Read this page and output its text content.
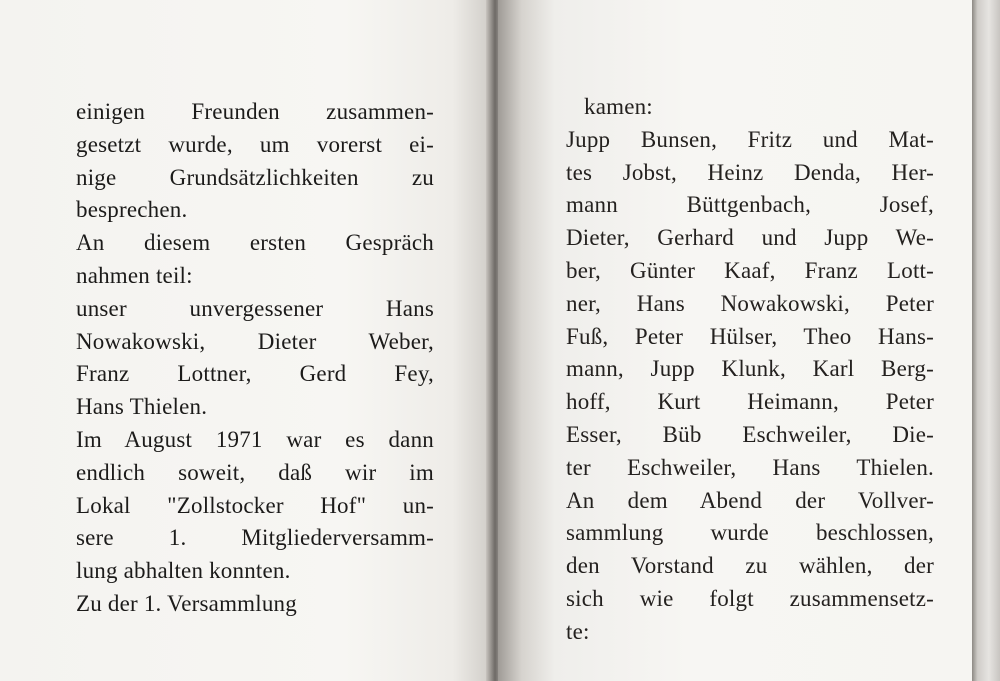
einigen Freunden zusammen-
gesetzt wurde, um vorerst ei-
nige Grundsätzlichkeiten zu
besprechen.
An diesem ersten Gespräch
nahmen teil:
unser unvergessener Hans
Nowakowski, Dieter Weber,
Franz Lottner, Gerd Fey,
Hans Thielen.
Im August 1971 war es dann
endlich soweit, daß wir im
Lokal "Zollstocker Hof" un-
sere 1. Mitgliederversamm-
lung abhalten konnten.
Zu der 1. Versammlung
kamen:
Jupp Bunsen, Fritz und Mat-
tes Jobst, Heinz Denda, Her-
mann Büttgenbach, Josef,
Dieter, Gerhard und Jupp We-
ber, Günter Kaaf, Franz Lott-
ner, Hans Nowakowski, Peter
Fuß, Peter Hülser, Theo Hans-
mann, Jupp Klunk, Karl Berg-
hoff, Kurt Heimann, Peter
Esser, Büb Eschweiler, Die-
ter Eschweiler, Hans Thielen.
An dem Abend der Vollver-
sammlung wurde beschlossen,
den Vorstand zu wählen, der
sich wie folgt zusammensetz-
te:
